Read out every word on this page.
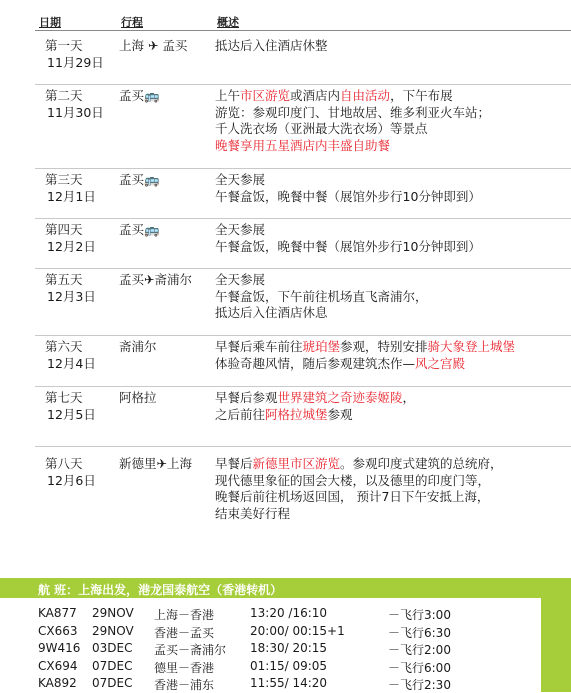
日期	行程	概述
第一天
11月29日
上海 ✈ 孟买	抵达后入住酒店休整
第二天
11月30日
孟买🚌	上午市区游览或酒店内自由活动，下午布展
游览：参观印度门、甘地故居、维多利亚火车站；
千人洗衣场（亚洲最大洗衣场）等景点
晚餐享用五星酒店内丰盛自助餐
第三天
12月1日
孟买🚌	全天参展
午餐盒饭，晚餐中餐（展馆外步行10分钟即到）
第四天
12月2日
孟买🚌	全天参展
午餐盒饭，晚餐中餐（展馆外步行10分钟即到）
第五天
12月3日
孟买✈斋浦尔	全天参展
午餐盒饭，下午前往机场直飞斋浦尔，
抵达后入住酒店休息
第六天
12月4日
斋浦尔	早餐后乘车前往琥珀堡参观，特别安排骑大象登上城堡
体验奇趣风情，随后参观建筑杰作—风之宫殿
第七天
12月5日
阿格拉	早餐后参观世界建筑之奇迹泰姬陵，
之后前往阿格拉城堡参观
第八天
12月6日
新德里✈上海	早餐后新德里市区游览。参观印度式建筑的总统府，
现代德里象征的国会大楼，以及德里的印度门等，
晚餐后前往机场返回国， 预计7日下午安抵上海，
结束美好行程
航 班：上海出发，港龙国泰航空（香港转机）
KA877 29NOV 上海－香港	13:20 /16:10	－飞行3:00
CX663 29NOV 香港－孟买	20:00/ 00:15+1	－飞行6:30
9W416 03DEC 孟买－斋浦尔 18:30/ 20:15	－飞行2:00
CX694 07DEC 德里－香港	01:15/ 09:05	－飞行6:00
KA892 07DEC 香港－浦东	11:55/ 14:20	－飞行2:30
